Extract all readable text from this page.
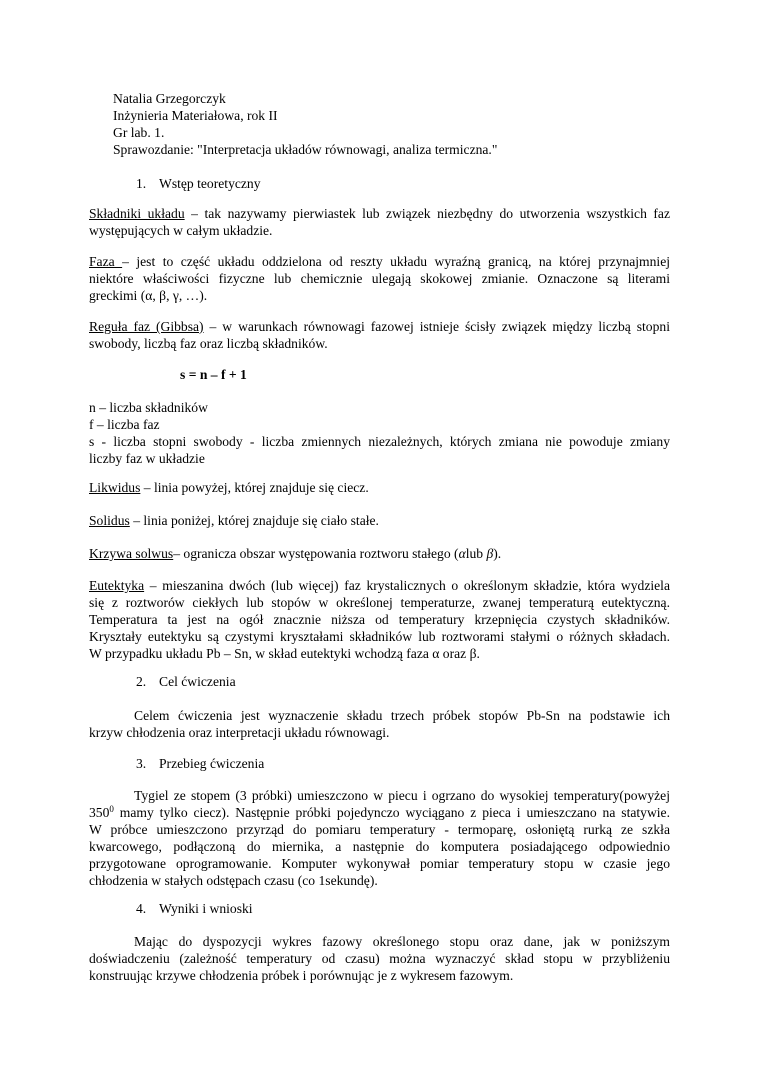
Natalia Grzegorczyk
Inżynieria Materiałowa, rok II
Gr lab. 1.
Sprawozdanie: "Interpretacja układów równowagi, analiza termiczna."
1. Wstęp teoretyczny
Składniki układu – tak nazywamy pierwiastek lub związek niezbędny do utworzenia wszystkich faz
występujących w całym układzie.
Faza – jest to część układu oddzielona od reszty układu wyraźną granicą, na której przynajmniej
niektóre właściwości fizyczne lub chemicznie ulegają skokowej zmianie. Oznaczone są literami
greckimi (α, β, γ, …).
Reguła faz (Gibbsa) – w warunkach równowagi fazowej istnieje ścisły związek między liczbą stopni
swobody, liczbą faz oraz liczbą składników.
s = n – f + 1
n – liczba składników
f – liczba faz
s - liczba stopni swobody - liczba zmiennych niezależnych, których zmiana nie powoduje zmiany
liczby faz w układzie
Likwidus – linia powyżej, której znajduje się ciecz.
Solidus – linia poniżej, której znajduje się ciało stałe.
Krzywa solwus– ogranicza obszar występowania roztworu stałego (αlub β).
Eutektyka – mieszanina dwóch (lub więcej) faz krystalicznych o określonym składzie, która wydziela
się z roztworów ciekłych lub stopów w określonej temperaturze, zwanej temperaturą eutektyczną.
Temperatura ta jest na ogół znacznie niższa od temperatury krzepnięcia czystych składników.
Kryształy eutektyku są czystymi kryształami składników lub roztworami stałymi o różnych składach.
W przypadku układu Pb – Sn, w skład eutektyki wchodzą faza α oraz β.
2. Cel ćwiczenia
Celem ćwiczenia jest wyznaczenie składu trzech próbek stopów Pb-Sn na podstawie ich
krzyw chłodzenia oraz interpretacji układu równowagi.
3. Przebieg ćwiczenia
Tygiel ze stopem (3 próbki) umieszczono w piecu i ogrzano do wysokiej temperatury(powyżej
$350^0$ mamy tylko ciecz). Następnie próbki pojedynczo wyciągano z pieca i umieszczano na statywie.
W próbce umieszczono przyrząd do pomiaru temperatury - termoparę, osłoniętą rurką ze szkła
kwarcowego, podłączoną do miernika, a następnie do komputera posiadającego odpowiednio
przygotowane oprogramowanie. Komputer wykonywał pomiar temperatury stopu w czasie jego
chłodzenia w stałych odstępach czasu (co 1sekundę).
4. Wyniki i wnioski
Mając do dyspozycji wykres fazowy określonego stopu oraz dane, jak w poniższym
doświadczeniu (zależność temperatury od czasu) można wyznaczyć skład stopu w przybliżeniu
konstruując krzywe chłodzenia próbek i porównując je z wykresem fazowym.
